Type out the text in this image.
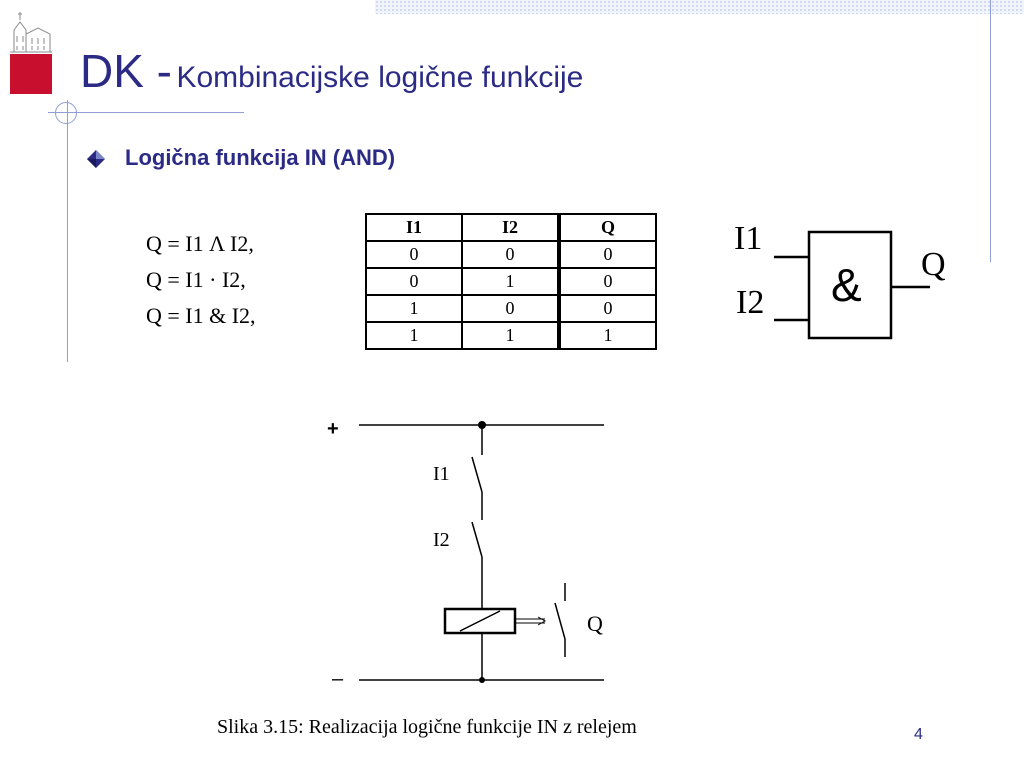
DK - Kombinacijske logične funkcije
Logična funkcija IN (AND)
Q = I1 Λ I2,
Q = I1 · I2,
Q = I1 & I2,
I1	I2	Q
0	0	0
0	1	0
1	0	0
1	1	1
I1
I2 & Q
+
I1
I2
Q
–
Slika 3.15: Realizacija logične funkcije IN z relejem	4
